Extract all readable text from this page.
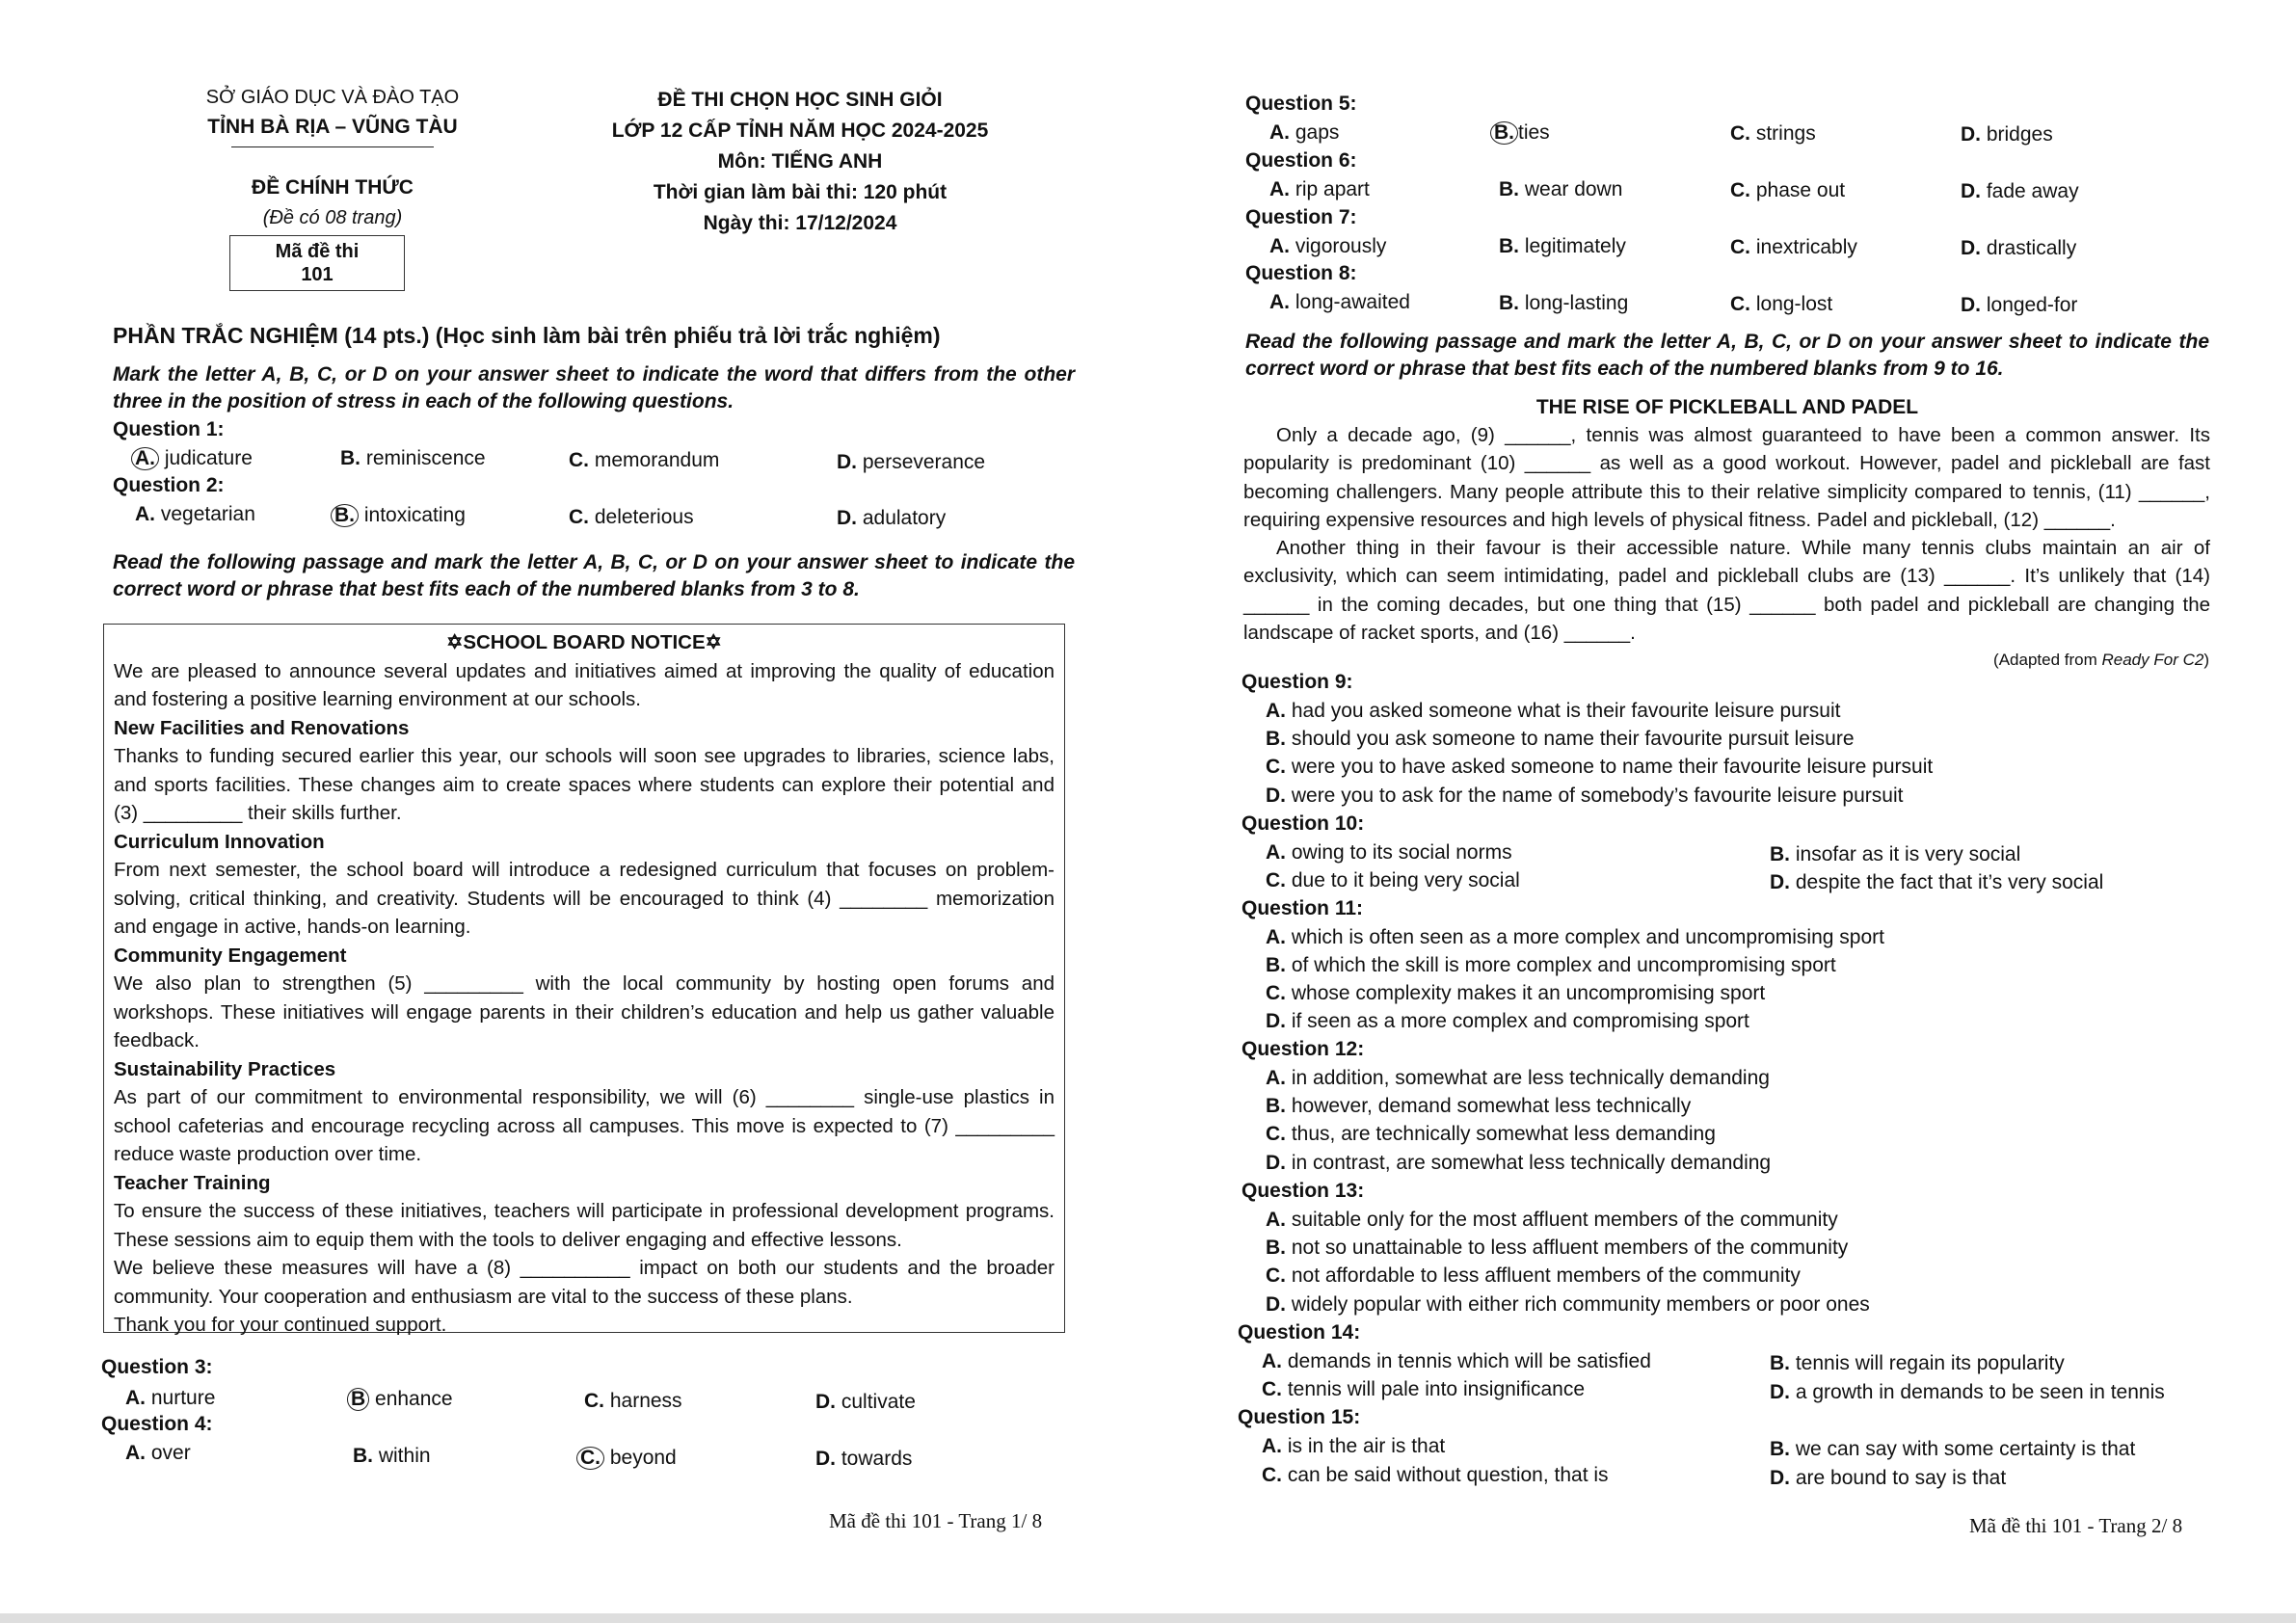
SỞ GIÁO DỤC VÀ ĐÀO TẠO
TỈNH BÀ RỊA – VŨNG TÀU
ĐỀ CHÍNH THỨC
(Đề có 08 trang)
Mã đề thi
101
ĐỀ THI CHỌN HỌC SINH GIỎI
LỚP 12 CẤP TỈNH NĂM HỌC 2024-2025
Môn: TIẾNG ANH
Thời gian làm bài thi: 120 phút
Ngày thi: 17/12/2024
PHẦN TRẮC NGHIỆM (14 pts.) (Học sinh làm bài trên phiếu trả lời trắc nghiệm)
Mark the letter A, B, C, or D on your answer sheet to indicate the word that differs from the other three in the position of stress in each of the following questions.
Question 1:
A. judicature	B. reminiscence	C. memorandum	D. perseverance
Question 2:
A. vegetarian	B. intoxicating	C. deleterious	D. adulatory
Read the following passage and mark the letter A, B, C, or D on your answer sheet to indicate the correct word or phrase that best fits each of the numbered blanks from 3 to 8.

✡SCHOOL BOARD NOTICE✡

We are pleased to announce several updates and initiatives aimed at improving the quality of education and fostering a positive learning environment at our schools.

New Facilities and Renovations

Thanks to funding secured earlier this year, our schools will soon see upgrades to libraries, science labs, and sports facilities. These changes aim to create spaces where students can explore their potential and (3) _________ their skills further.

Curriculum Innovation

From next semester, the school board will introduce a redesigned curriculum that focuses on problem-solving, critical thinking, and creativity. Students will be encouraged to think (4) ________ memorization and engage in active, hands-on learning.

Community Engagement

We also plan to strengthen (5) _________ with the local community by hosting open forums and workshops. These initiatives will engage parents in their children’s education and help us gather valuable feedback.

Sustainability Practices

As part of our commitment to environmental responsibility, we will (6) ________ single-use plastics in school cafeterias and encourage recycling across all campuses. This move is expected to (7) _________ reduce waste production over time.

Teacher Training

To ensure the success of these initiatives, teachers will participate in professional development programs. These sessions aim to equip them with the tools to deliver engaging and effective lessons.

We believe these measures will have a (8) __________ impact on both our students and the broader community. Your cooperation and enthusiasm are vital to the success of these plans.

Thank you for your continued support.

Question 3:
A. nurture	B enhance	C. harness	D. cultivate
Question 4:
A. over	B. within	C. beyond	D. towards
Mã đề thi 101 - Trang 1/ 8
Question 5:
A. gaps	B. ties	C. strings	D. bridges
Question 6:
A. rip apart	B. wear down	C. phase out	D. fade away
Question 7:
A. vigorously	B. legitimately	C. inextricably	D. drastically
Question 8:
A. long-awaited	B. long-lasting	C. long-lost	D. longed-for
Read the following passage and mark the letter A, B, C, or D on your answer sheet to indicate the correct word or phrase that best fits each of the numbered blanks from 9 to 16.
THE RISE OF PICKLEBALL AND PADEL

Only a decade ago, (9) ______, tennis was almost guaranteed to have been a common answer. Its popularity is predominant (10) ______ as well as a good workout. However, padel and pickleball are fast becoming challengers. Many people attribute this to their relative simplicity compared to tennis, (11) ______, requiring expensive resources and high levels of physical fitness. Padel and pickleball, (12) ______.

Another thing in their favour is their accessible nature. While many tennis clubs maintain an air of exclusivity, which can seem intimidating, padel and pickleball clubs are (13) ______. It’s unlikely that (14) ______ in the coming decades, but one thing that (15) ______ both padel and pickleball are changing the landscape of racket sports, and (16) ______.

(Adapted from Ready For C2)
Question 9:
A. had you asked someone what is their favourite leisure pursuit
B. should you ask someone to name their favourite pursuit leisure
C. were you to have asked someone to name their favourite leisure pursuit
D. were you to ask for the name of somebody’s favourite leisure pursuit
Question 10:
A. owing to its social norms	B. insofar as it is very social
C. due to it being very social	D. despite the fact that it’s very social
Question 11:
A. which is often seen as a more complex and uncompromising sport
B. of which the skill is more complex and uncompromising sport
C. whose complexity makes it an uncompromising sport
D. if seen as a more complex and compromising sport
Question 12:
A. in addition, somewhat are less technically demanding
B. however, demand somewhat less technically
C. thus, are technically somewhat less demanding
D. in contrast, are somewhat less technically demanding
Question 13:
A. suitable only for the most affluent members of the community
B. not so unattainable to less affluent members of the community
C. not affordable to less affluent members of the community
D. widely popular with either rich community members or poor ones
Question 14:
A. demands in tennis which will be satisfied	B. tennis will regain its popularity
C. tennis will pale into insignificance	D. a growth in demands to be seen in tennis
Question 15:
A. is in the air is that	B. we can say with some certainty is that
C. can be said without question, that is	D. are bound to say is that
Mã đề thi 101 - Trang 2/ 8
